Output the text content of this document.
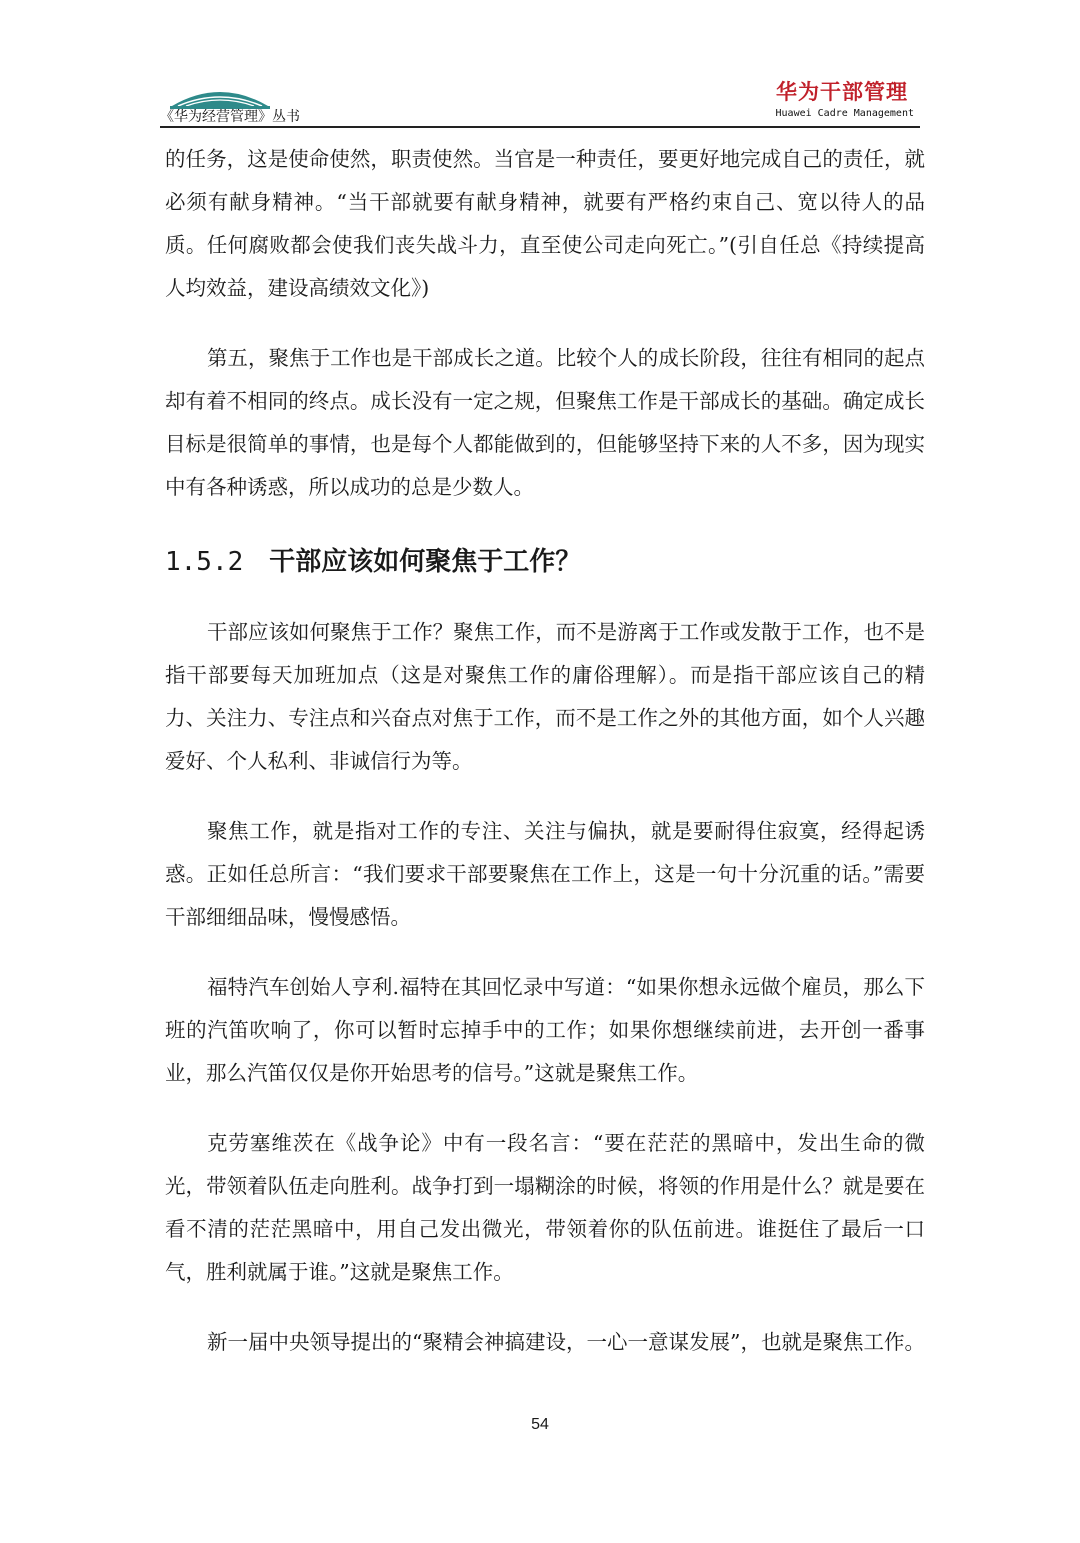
《华为经营管理》丛书
华为干部管理
Huawei Cadre Management

的任务，这是使命使然，职责使然。当官是一种责任，要更好地完成自己的责任，就必须有献身精神。“当干部就要有献身精神，就要有严格约束自己、宽以待人的品质。任何腐败都会使我们丧失战斗力，直至使公司走向死亡。”(引自任总《持续提高人均效益，建设高绩效文化》)

第五，聚焦于工作也是干部成长之道。比较个人的成长阶段，往往有相同的起点却有着不相同的终点。成长没有一定之规，但聚焦工作是干部成长的基础。确定成长目标是很简单的事情，也是每个人都能做到的，但能够坚持下来的人不多，因为现实中有各种诱惑，所以成功的总是少数人。

1.5.2 干部应该如何聚焦于工作？

干部应该如何聚焦于工作？聚焦工作，而不是游离于工作或发散于工作，也不是指干部要每天加班加点（这是对聚焦工作的庸俗理解）。而是指干部应该自己的精力、关注力、专注点和兴奋点对焦于工作，而不是工作之外的其他方面，如个人兴趣爱好、个人私利、非诚信行为等。

聚焦工作，就是指对工作的专注、关注与偏执，就是要耐得住寂寞，经得起诱惑。正如任总所言：“我们要求干部要聚焦在工作上，这是一句十分沉重的话。”需要干部细细品味，慢慢感悟。

福特汽车创始人亨利.福特在其回忆录中写道：“如果你想永远做个雇员，那么下班的汽笛吹响了，你可以暂时忘掉手中的工作；如果你想继续前进，去开创一番事业，那么汽笛仅仅是你开始思考的信号。”这就是聚焦工作。

克劳塞维茨在《战争论》中有一段名言：“要在茫茫的黑暗中，发出生命的微光，带领着队伍走向胜利。战争打到一塌糊涂的时候，将领的作用是什么？就是要在看不清的茫茫黑暗中，用自己发出微光，带领着你的队伍前进。谁挺住了最后一口气，胜利就属于谁。”这就是聚焦工作。

新一届中央领导提出的“聚精会神搞建设，一心一意谋发展”，也就是聚焦工作。

54
